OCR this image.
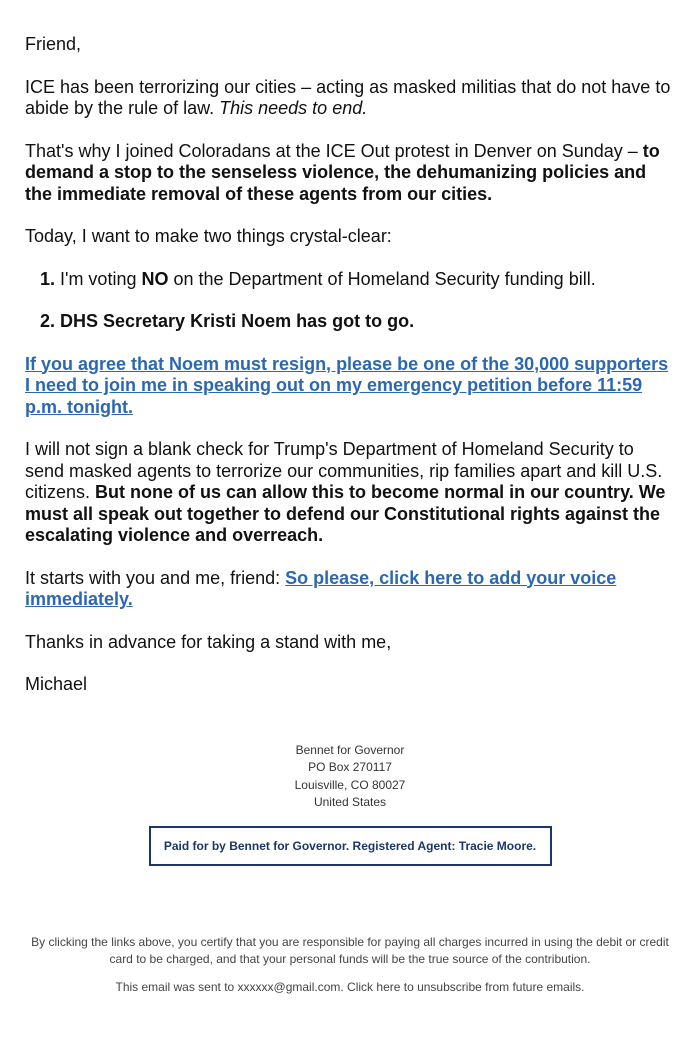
Friend,

ICE has been terrorizing our cities – acting as masked militias that do not have to abide by the rule of law. This needs to end.

That's why I joined Coloradans at the ICE Out protest in Denver on Sunday – to demand a stop to the senseless violence, the dehumanizing policies and the immediate removal of these agents from our cities.

Today, I want to make two things crystal-clear:

1. I'm voting NO on the Department of Homeland Security funding bill.
2. DHS Secretary Kristi Noem has got to go.

If you agree that Noem must resign, please be one of the 30,000 supporters I need to join me in speaking out on my emergency petition before 11:59 p.m. tonight.

I will not sign a blank check for Trump's Department of Homeland Security to send masked agents to terrorize our communities, rip families apart and kill U.S. citizens. But none of us can allow this to become normal in our country. We must all speak out together to defend our Constitutional rights against the escalating violence and overreach.

It starts with you and me, friend: So please, click here to add your voice immediately.

Thanks in advance for taking a stand with me,

Michael

Bennet for Governor
PO Box 270117
Louisville, CO 80027
United States
Paid for by Bennet for Governor. Registered Agent: Tracie Moore.

By clicking the links above, you certify that you are responsible for paying all charges incurred in using the debit or credit card to be charged, and that your personal funds will be the true source of the contribution.

This email was sent to xxxxxx@gmail.com. Click here to unsubscribe from future emails.
